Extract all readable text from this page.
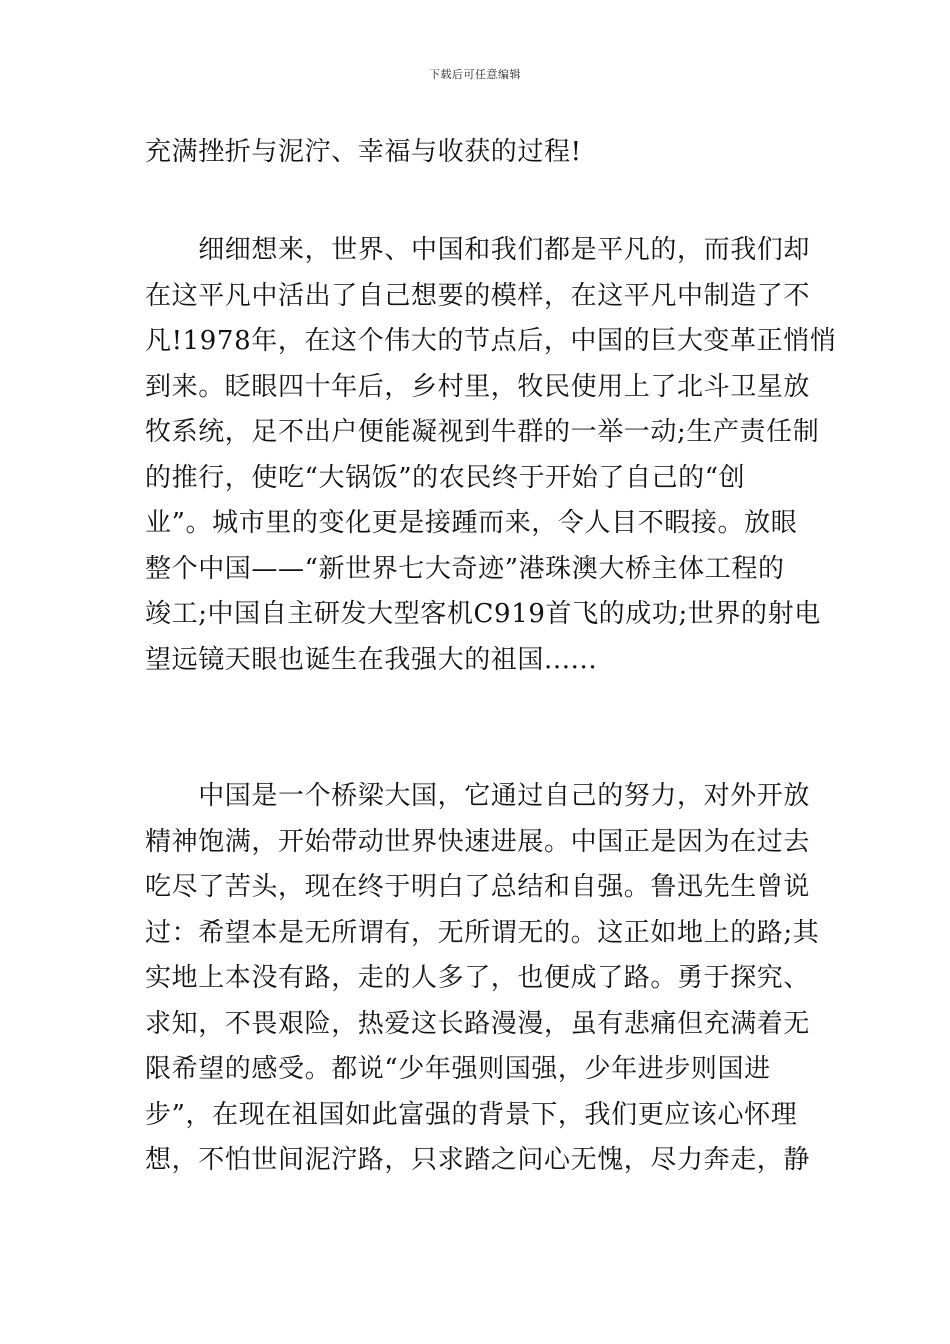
下载后可任意编辑
充满挫折与泥泞、幸福与收获的过程!
　　细细想来，世界、中国和我们都是平凡的，而我们却
在这平凡中活出了自己想要的模样，在这平凡中制造了不
凡!1978年，在这个伟大的节点后，中国的巨大变革正悄悄
到来。眨眼四十年后，乡村里，牧民使用上了北斗卫星放
牧系统，足不出户便能凝视到牛群的一举一动;生产责任制
的推行，使吃“大锅饭”的农民终于开始了自己的“创
业”。城市里的变化更是接踵而来，令人目不暇接。放眼
整个中国——“新世界七大奇迹”港珠澳大桥主体工程的
竣工;中国自主研发大型客机C919首飞的成功;世界的射电
望远镜天眼也诞生在我强大的祖国......
　　中国是一个桥梁大国，它通过自己的努力，对外开放
精神饱满，开始带动世界快速进展。中国正是因为在过去
吃尽了苦头，现在终于明白了总结和自强。鲁迅先生曾说
过：希望本是无所谓有，无所谓无的。这正如地上的路;其
实地上本没有路，走的人多了，也便成了路。勇于探究、
求知，不畏艰险，热爱这长路漫漫，虽有悲痛但充满着无
限希望的感受。都说“少年强则国强，少年进步则国进
步”，在现在祖国如此富强的背景下，我们更应该心怀理
想，不怕世间泥泞路，只求踏之问心无愧，尽力奔走，静
